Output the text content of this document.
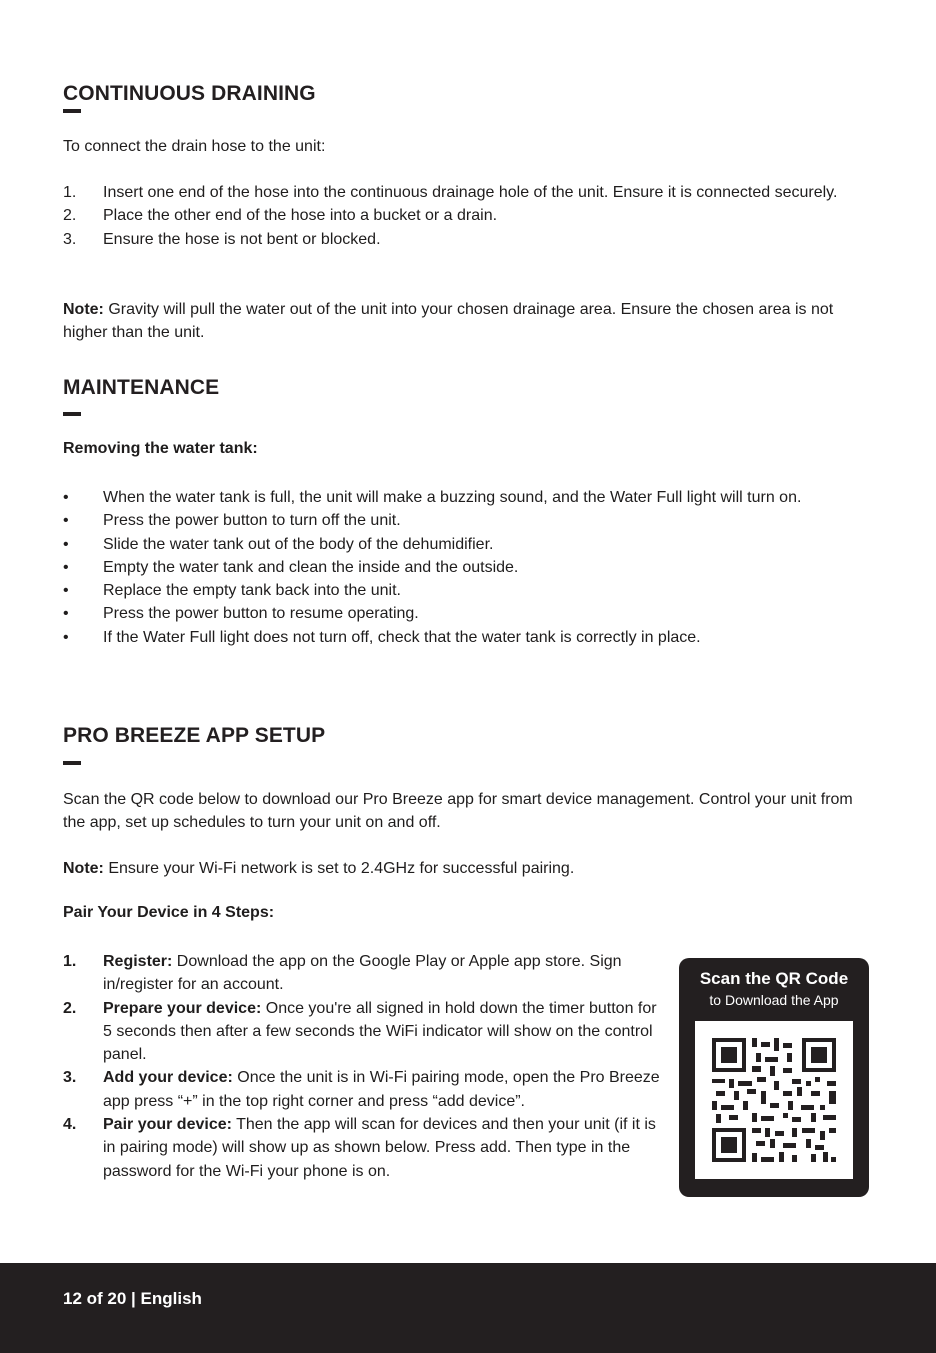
CONTINUOUS DRAINING

To connect the drain hose to the unit:

1. Insert one end of the hose into the continuous drainage hole of the unit. Ensure it is connected securely.
2. Place the other end of the hose into a bucket or a drain.
3. Ensure the hose is not bent or blocked.

Note: Gravity will pull the water out of the unit into your chosen drainage area. Ensure the chosen area is not higher than the unit.

MAINTENANCE

Removing the water tank:

• When the water tank is full, the unit will make a buzzing sound, and the Water Full light will turn on.
• Press the power button to turn off the unit.
• Slide the water tank out of the body of the dehumidifier.
• Empty the water tank and clean the inside and the outside.
• Replace the empty tank back into the unit.
• Press the power button to resume operating.
• If the Water Full light does not turn off, check that the water tank is correctly in place.
PRO BREEZE APP SETUP

Scan the QR code below to download our Pro Breeze app for smart device management. Control your unit from the app, set up schedules to turn your unit on and off.

Note: Ensure your Wi-Fi network is set to 2.4GHz for successful pairing.

Pair Your Device in 4 Steps:

1. Register: Download the app on the Google Play or Apple app store. Sign in/register for an account.
2. Prepare your device: Once you're all signed in hold down the timer button for 5 seconds then after a few seconds the WiFi indicator will show on the control panel.
3. Add your device: Once the unit is in Wi-Fi pairing mode, open the Pro Breeze app press “+” in the top right corner and press “add device”.
4. Pair your device: Then the app will scan for devices and then your unit (if it is in pairing mode) will show up as shown below. Press add. Then type in the password for the Wi-Fi your phone is on.
Scan the QR Code
to Download the App
12 of 20 | English
